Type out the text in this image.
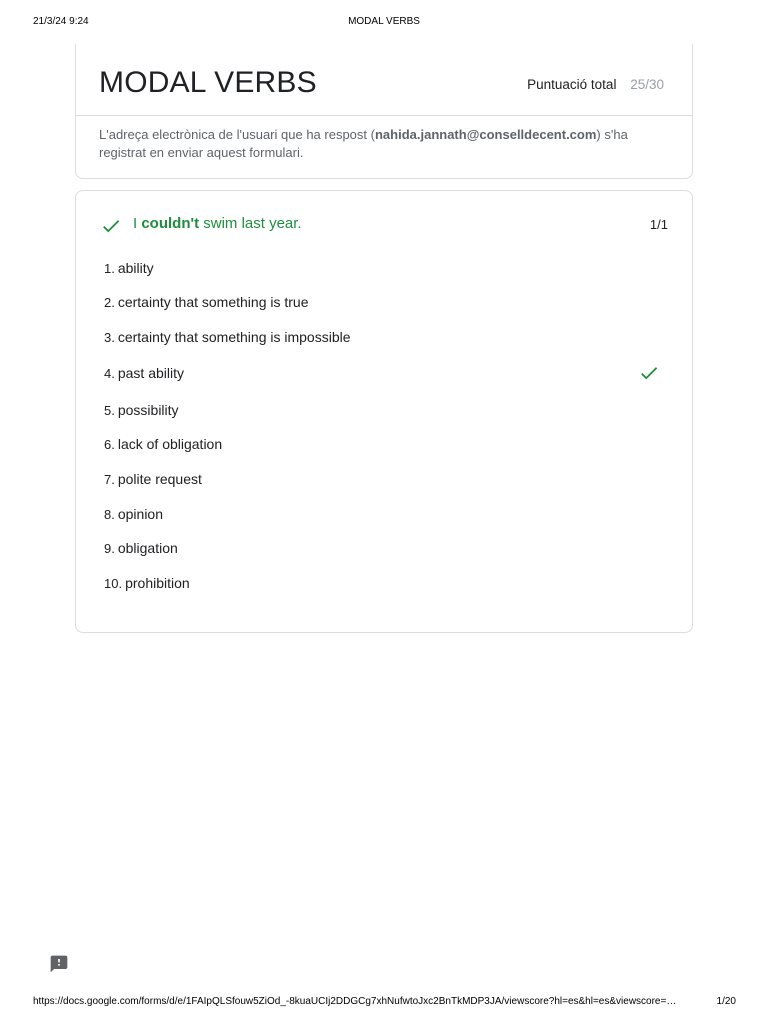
21/3/24 9:24	MODAL VERBS
MODAL VERBS	Puntuació total 25/30
L'adreça electrònica de l'usuari que ha respost (nahida.jannath@conselldecent.com) s'ha registrat en enviar aquest formulari.
I couldn't swim last year.	1/1
1. ability
2. certainty that something is true
3. certainty that something is impossible
4. past ability
5. possibility
6. lack of obligation
7. polite request
8. opinion
9. obligation
10. prohibition
https://docs.google.com/forms/d/e/1FAIpQLSfouw5ZiOd_-8kuaUCIj2DDGCg7xhNufwtoJxc2BnTkMDP3JA/viewscore?hl=es&hl=es&viewscore=…	1/20
